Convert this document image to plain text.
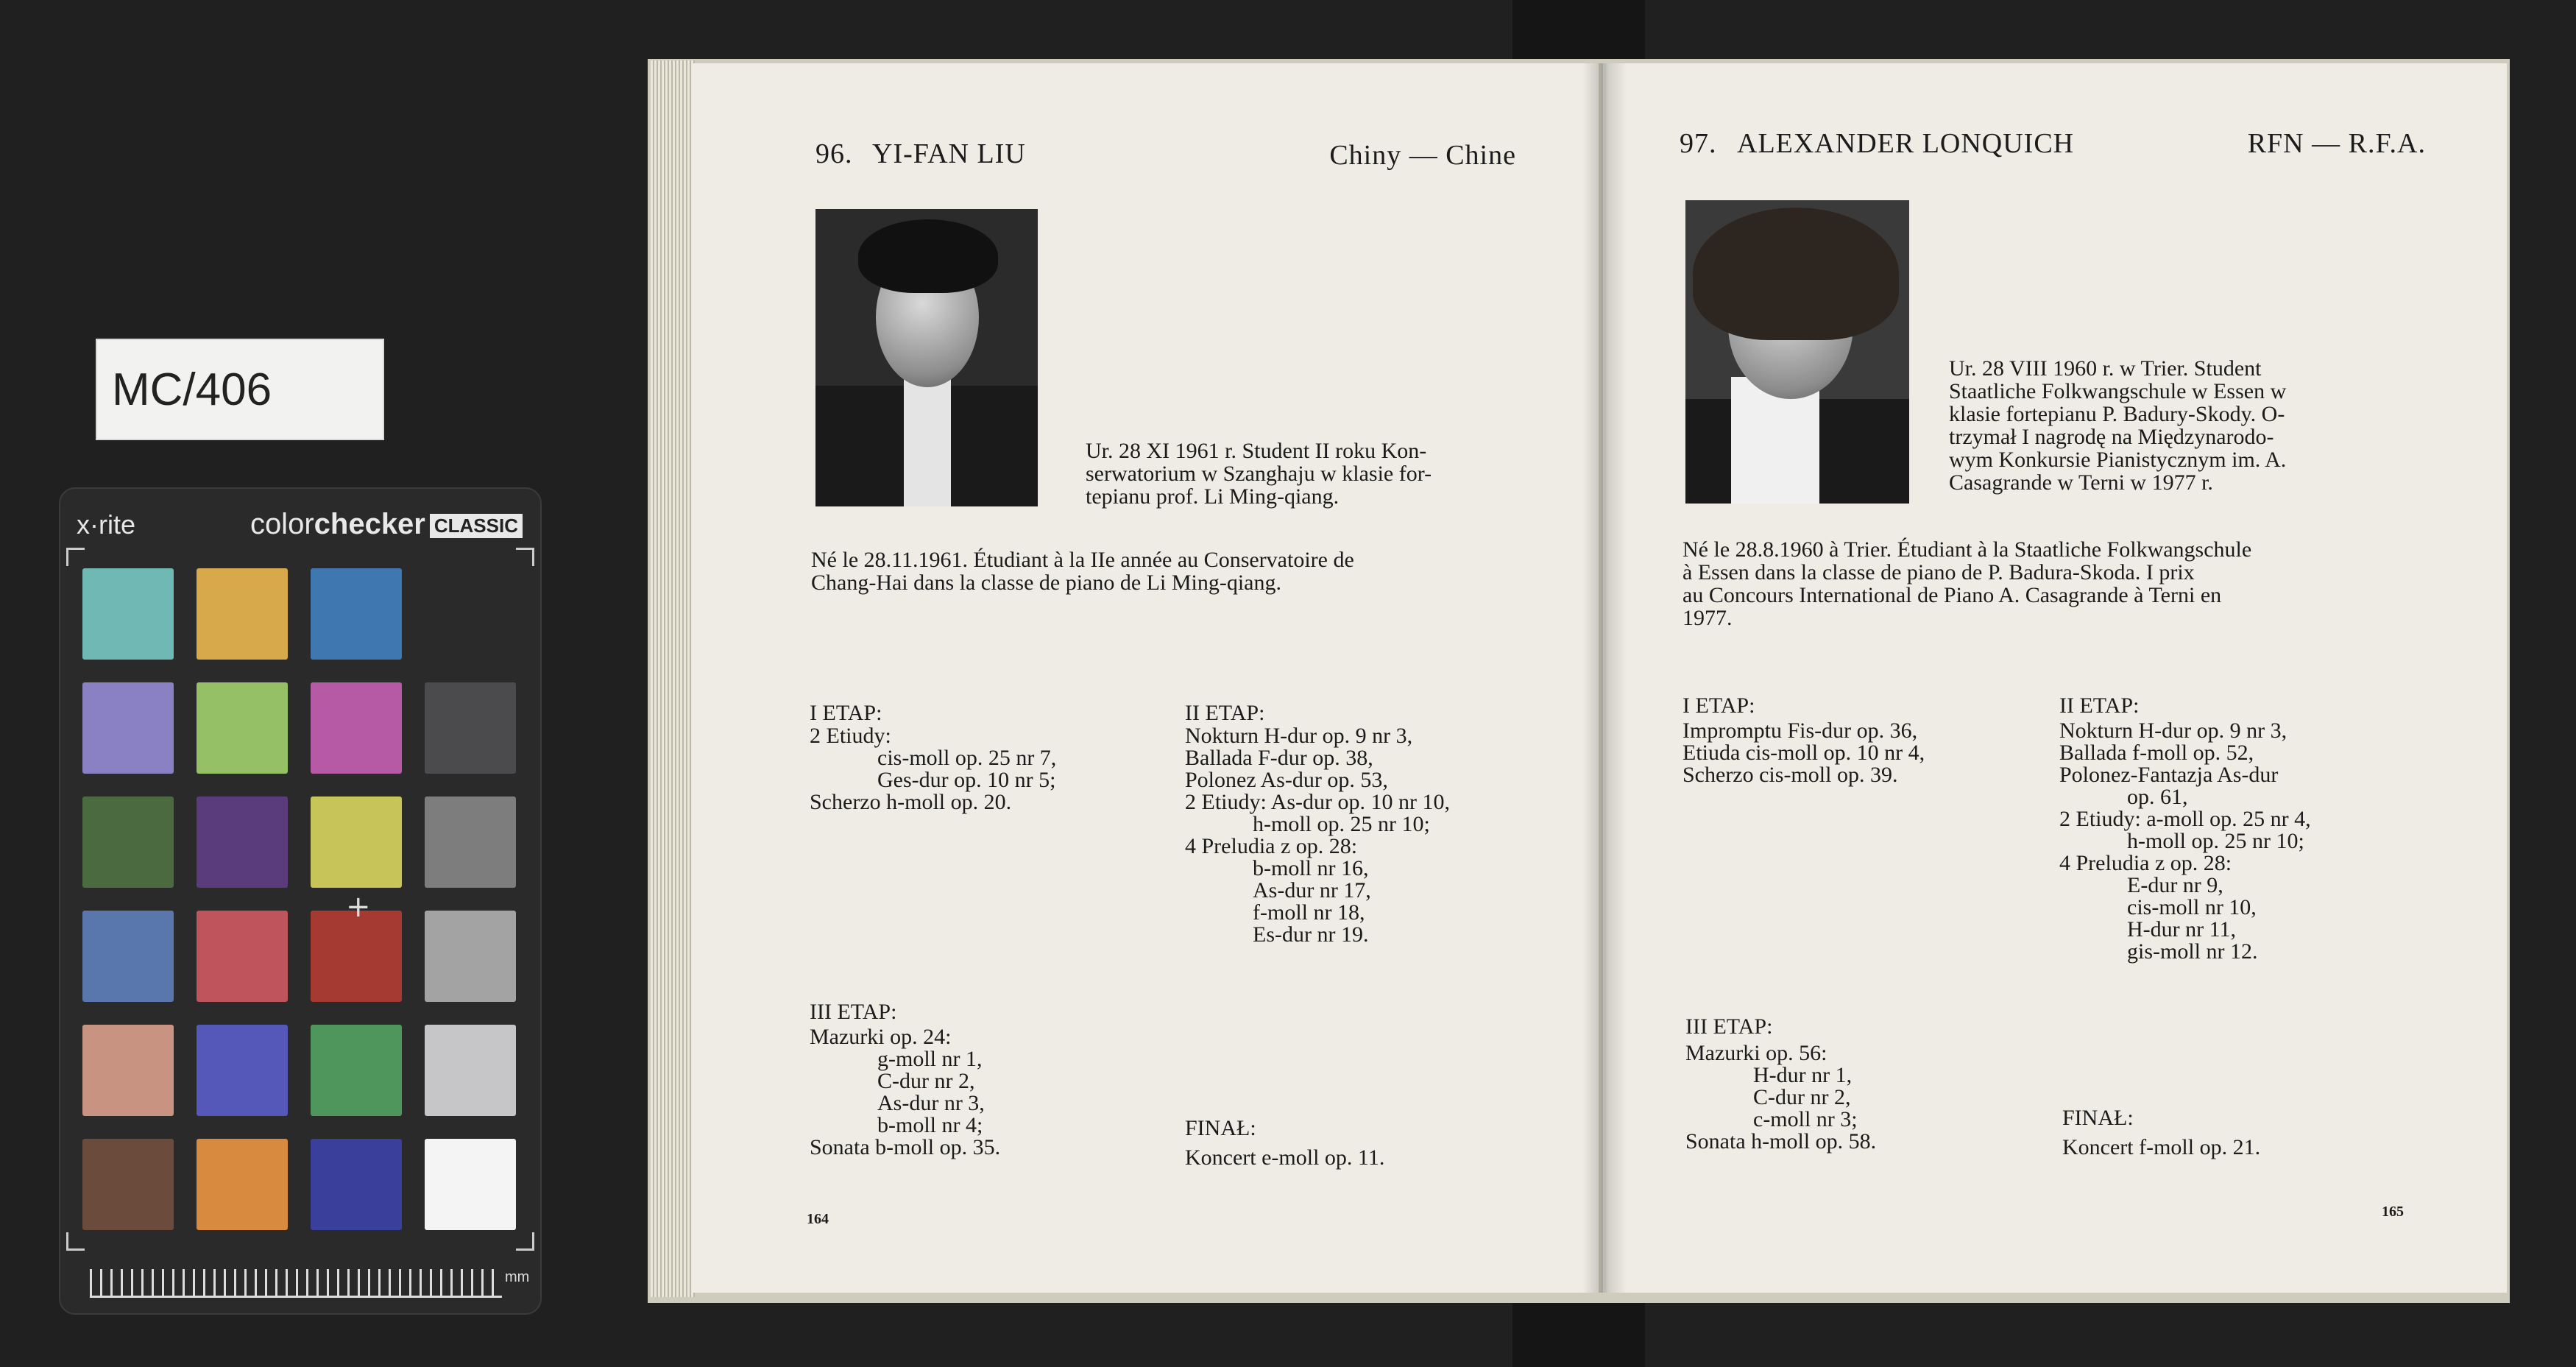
MC/406
x·rite	colorchecker CLASSIC
+
mm
96. YI-FAN LIU	Chiny — Chine
Ur. 28 XI 1961 r. Student II roku Kon-
serwatorium w Szanghaju w klasie for-
tepianu prof. Li Ming-qiang.
Né le 28.11.1961. Étudiant à la IIe année au Conservatoire de
Chang-Hai dans la classe de piano de Li Ming-qiang.
I ETAP:
2 Etiudy:
cis-moll op. 25 nr 7,
Ges-dur op. 10 nr 5;
Scherzo h-moll op. 20.
II ETAP:
Nokturn H-dur op. 9 nr 3,
Ballada F-dur op. 38,
Polonez As-dur op. 53,
2 Etiudy: As-dur op. 10 nr 10,
h-moll op. 25 nr 10;
4 Preludia z op. 28:
b-moll nr 16,
As-dur nr 17,
f-moll nr 18,
Es-dur nr 19.
III ETAP:
Mazurki op. 24:
g-moll nr 1,
C-dur nr 2,
As-dur nr 3,
b-moll nr 4;
Sonata b-moll op. 35.
FINAŁ:
Koncert e-moll op. 11.
164
97. ALEXANDER LONQUICH	RFN — R.F.A.
Ur. 28 VIII 1960 r. w Trier. Student
Staatliche Folkwangschule w Essen w
klasie fortepianu P. Badury-Skody. O-
trzymał I nagrodę na Międzynarodo-
wym Konkursie Pianistycznym im. A.
Casagrande w Terni w 1977 r.
Né le 28.8.1960 à Trier. Étudiant à la Staatliche Folkwangschule
à Essen dans la classe de piano de P. Badura-Skoda. I prix
au Concours International de Piano A. Casagrande à Terni en
1977.
I ETAP:
Impromptu Fis-dur op. 36,
Etiuda cis-moll op. 10 nr 4,
Scherzo cis-moll op. 39.
II ETAP:
Nokturn H-dur op. 9 nr 3,
Ballada f-moll op. 52,
Polonez-Fantazja As-dur
op. 61,
2 Etiudy: a-moll op. 25 nr 4,
h-moll op. 25 nr 10;
4 Preludia z op. 28:
E-dur nr 9,
cis-moll nr 10,
H-dur nr 11,
gis-moll nr 12.
III ETAP:
Mazurki op. 56:
H-dur nr 1,
C-dur nr 2,
c-moll nr 3;
Sonata h-moll op. 58.
FINAŁ:
Koncert f-moll op. 21.
165
